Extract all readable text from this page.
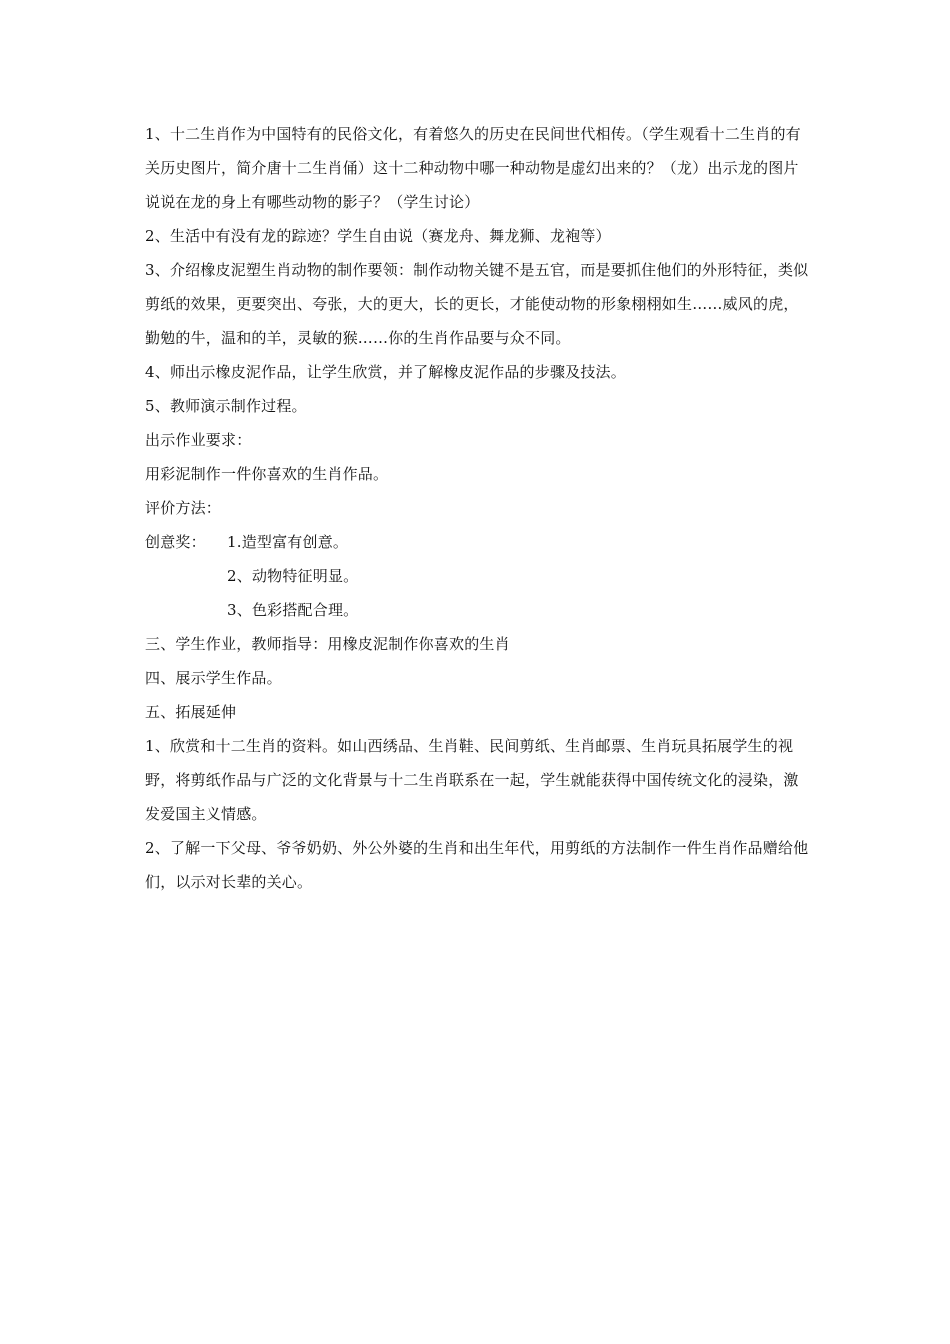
1、十二生肖作为中国特有的民俗文化，有着悠久的历史在民间世代相传。（学生观看十二生肖的有关历史图片，简介唐十二生肖俑）这十二种动物中哪一种动物是虚幻出来的？（龙）出示龙的图片说说在龙的身上有哪些动物的影子？（学生讨论）

2、生活中有没有龙的踪迹？学生自由说（赛龙舟、舞龙狮、龙袍等）

3、介绍橡皮泥塑生肖动物的制作要领：制作动物关键不是五官，而是要抓住他们的外形特征，类似剪纸的效果，更要突出、夸张，大的更大，长的更长，才能使动物的形象栩栩如生……威风的虎，勤勉的牛，温和的羊，灵敏的猴……你的生肖作品要与众不同。

4、师出示橡皮泥作品，让学生欣赏，并了解橡皮泥作品的步骤及技法。

5、教师演示制作过程。

出示作业要求：

用彩泥制作一件你喜欢的生肖作品。

评价方法：

创意奖：	1.造型富有创意。
2、动物特征明显。
3、色彩搭配合理。

三、学生作业，教师指导：用橡皮泥制作你喜欢的生肖

四、展示学生作品。

五、拓展延伸

1、欣赏和十二生肖的资料。如山西绣品、生肖鞋、民间剪纸、生肖邮票、生肖玩具拓展学生的视野，将剪纸作品与广泛的文化背景与十二生肖联系在一起，学生就能获得中国传统文化的浸染，激发爱国主义情感。

2、了解一下父母、爷爷奶奶、外公外婆的生肖和出生年代，用剪纸的方法制作一件生肖作品赠给他们，以示对长辈的关心。
